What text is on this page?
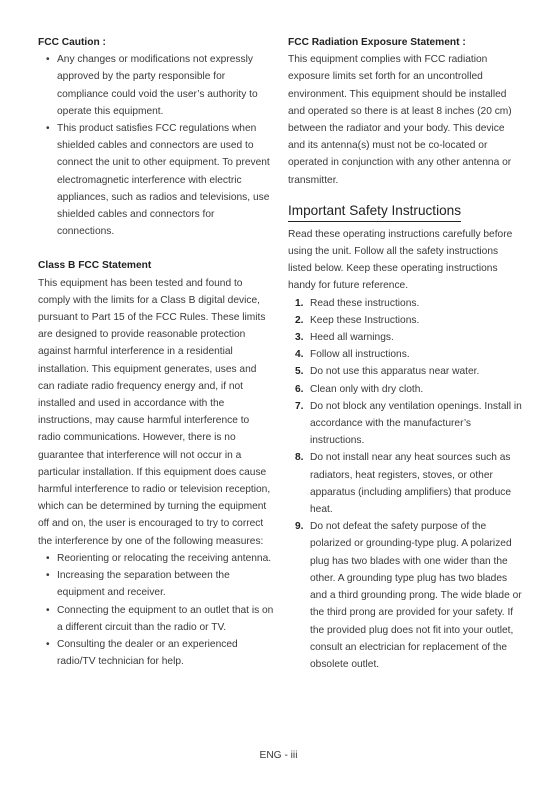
FCC Caution :

• Any changes or modifications not expressly approved by the party responsible for compliance could void the user’s authority to operate this equipment.
• This product satisfies FCC regulations when shielded cables and connectors are used to connect the unit to other equipment. To prevent electromagnetic interference with electric appliances, such as radios and televisions, use shielded cables and connectors for connections.

Class B FCC Statement

This equipment has been tested and found to comply with the limits for a Class B digital device, pursuant to Part 15 of the FCC Rules. These limits are designed to provide reasonable protection against harmful interference in a residential installation. This equipment generates, uses and can radiate radio frequency energy and, if not installed and used in accordance with the instructions, may cause harmful interference to radio communications. However, there is no guarantee that interference will not occur in a particular installation. If this equipment does cause harmful interference to radio or television reception, which can be determined by turning the equipment off and on, the user is encouraged to try to correct the interference by one of the following measures:

• Reorienting or relocating the receiving antenna.
• Increasing the separation between the equipment and receiver.
• Connecting the equipment to an outlet that is on a different circuit than the radio or TV.
• Consulting the dealer or an experienced radio/TV technician for help.

FCC Radiation Exposure Statement :

This equipment complies with FCC radiation exposure limits set forth for an uncontrolled environment. This equipment should be installed and operated so there is at least 8 inches (20 cm) between the radiator and your body. This device and its antenna(s) must not be co-located or operated in conjunction with any other antenna or transmitter.

Important Safety Instructions

Read these operating instructions carefully before using the unit. Follow all the safety instructions listed below. Keep these operating instructions handy for future reference.

1. Read these instructions.
2. Keep these Instructions.
3. Heed all warnings.
4. Follow all instructions.
5. Do not use this apparatus near water.
6. Clean only with dry cloth.
7. Do not block any ventilation openings. Install in accordance with the manufacturer’s instructions.
8. Do not install near any heat sources such as radiators, heat registers, stoves, or other apparatus (including amplifiers) that produce heat.
9. Do not defeat the safety purpose of the polarized or grounding-type plug. A polarized plug has two blades with one wider than the other. A grounding type plug has two blades and a third grounding prong. The wide blade or the third prong are provided for your safety. If the provided plug does not fit into your outlet, consult an electrician for replacement of the obsolete outlet.
ENG - iii
